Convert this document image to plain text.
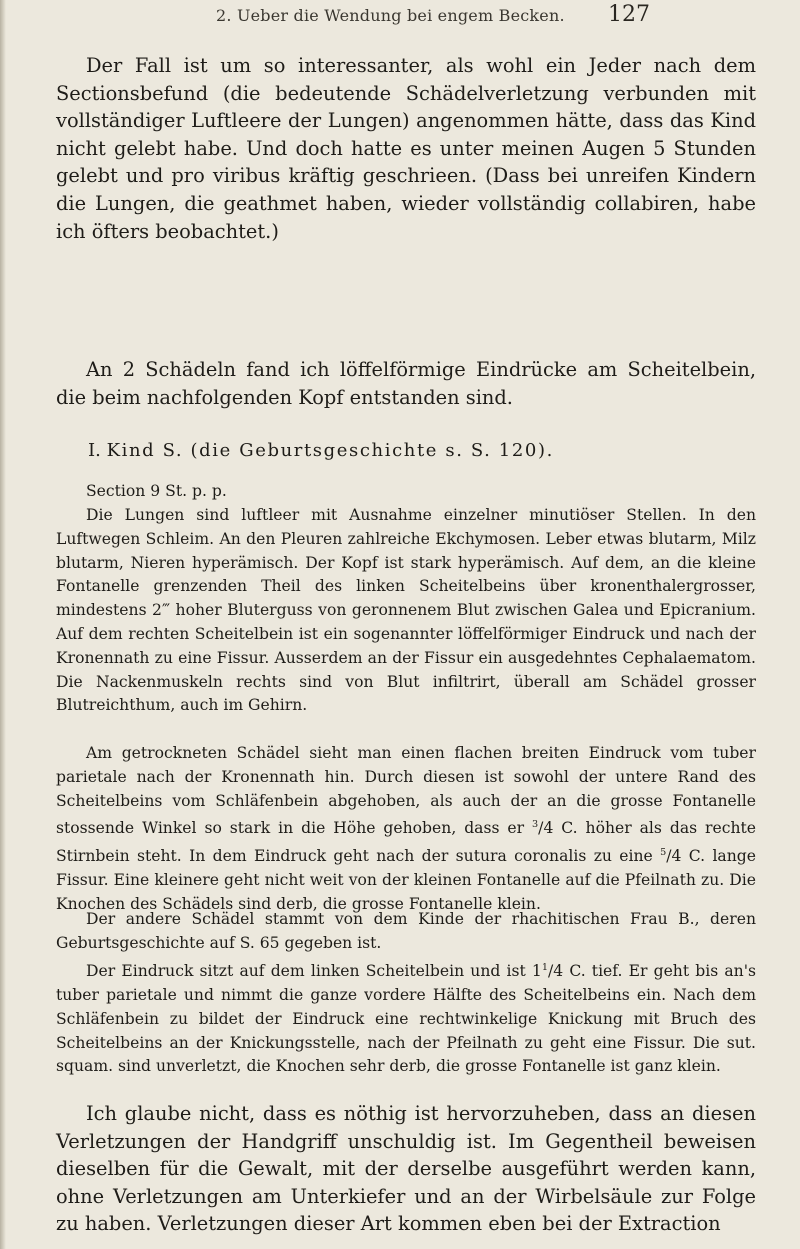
2. Ueber die Wendung bei engem Becken. 127

Der Fall ist um so interessanter, als wohl ein Jeder nach dem Sectionsbefund (die bedeutende Schädelverletzung verbunden mit vollständiger Luftleere der Lungen) angenommen hätte, dass das Kind nicht gelebt habe. Und doch hatte es unter meinen Augen 5 Stunden gelebt und pro viribus kräftig geschrieen. (Dass bei unreifen Kindern die Lungen, die geathmet haben, wieder vollständig collabiren, habe ich öfters beobachtet.)

An 2 Schädeln fand ich löffelförmige Eindrücke am Scheitelbein, die beim nachfolgenden Kopf entstanden sind.

I. Kind S. (die Geburtsgeschichte s. S. 120).

Section 9 St. p. p.

Die Lungen sind luftleer mit Ausnahme einzelner minutiöser Stellen. In den Luftwegen Schleim. An den Pleuren zahlreiche Ekchymosen. Leber etwas blutarm, Milz blutarm, Nieren hyperämisch. Der Kopf ist stark hyperämisch. Auf dem, an die kleine Fontanelle grenzenden Theil des linken Scheitelbeins über kronenthalergrosser, mindestens 2‴ hoher Bluterguss von geronnenem Blut zwischen Galea und Epicranium. Auf dem rechten Scheitelbein ist ein sogenannter löffelförmiger Eindruck und nach der Kronennath zu eine Fissur. Ausserdem an der Fissur ein ausgedehntes Cephalaematom. Die Nackenmuskeln rechts sind von Blut infiltrirt, überall am Schädel grosser Blutreichthum, auch im Gehirn.

Am getrockneten Schädel sieht man einen flachen breiten Eindruck vom tuber parietale nach der Kronennath hin. Durch diesen ist sowohl der untere Rand des Scheitelbeins vom Schläfenbein abgehoben, als auch der an die grosse Fontanelle stossende Winkel so stark in die Höhe gehoben, dass er $^3$/4 C. höher als das rechte Stirnbein steht. In dem Eindruck geht nach der sutura coronalis zu eine $^5$/4 C. lange Fissur. Eine kleinere geht nicht weit von der kleinen Fontanelle auf die Pfeilnath zu. Die Knochen des Schädels sind derb, die grosse Fontanelle klein.

Der andere Schädel stammt von dem Kinde der rhachitischen Frau B., deren Geburtsgeschichte auf S. 65 gegeben ist.

Der Eindruck sitzt auf dem linken Scheitelbein und ist $1^1/4$ C. tief. Er geht bis an's tuber parietale und nimmt die ganze vordere Hälfte des Scheitelbeins ein. Nach dem Schläfenbein zu bildet der Eindruck eine rechtwinkelige Knickung mit Bruch des Scheitelbeins an der Knickungsstelle, nach der Pfeilnath zu geht eine Fissur. Die sut. squam. sind unverletzt, die Knochen sehr derb, die grosse Fontanelle ist ganz klein.

Ich glaube nicht, dass es nöthig ist hervorzuheben, dass an diesen Verletzungen der Handgriff unschuldig ist. Im Gegentheil beweisen dieselben für die Gewalt, mit der derselbe ausgeführt werden kann, ohne Verletzungen am Unterkiefer und an der Wirbelsäule zur Folge zu haben. Verletzungen dieser Art kommen eben bei der Extraction
